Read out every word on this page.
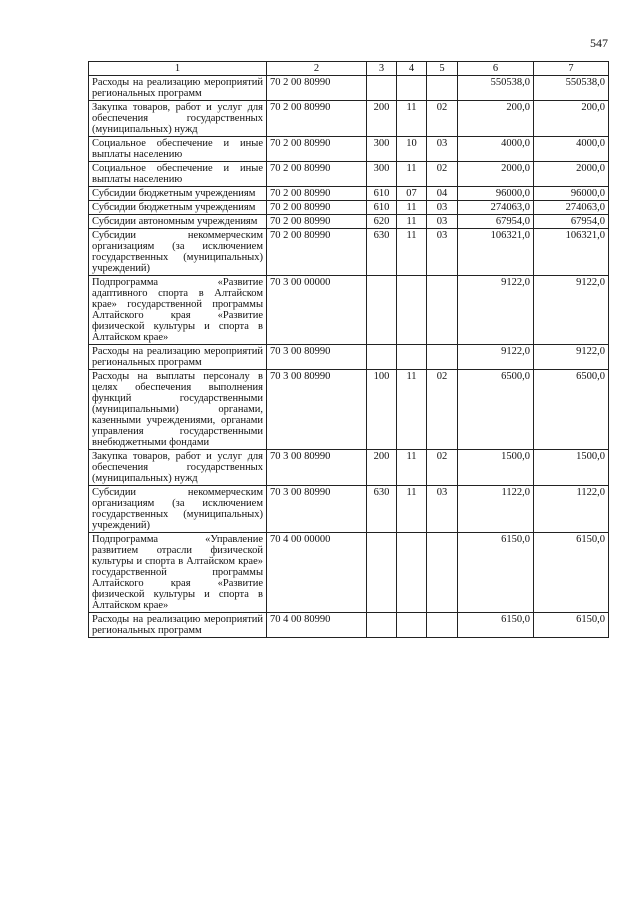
547
1	2	3	4	5	6	7
Расходы на реализацию мероприятий региональных программ	70 2 00 80990				550538,0	550538,0
Закупка товаров, работ и услуг для обеспечения государственных (муниципальных) нужд	70 2 00 80990	200	11	02	200,0	200,0
Социальное обеспечение и иные выплаты населению	70 2 00 80990	300	10	03	4000,0	4000,0
Социальное обеспечение и иные выплаты населению	70 2 00 80990	300	11	02	2000,0	2000,0
Субсидии бюджетным учреждениям	70 2 00 80990	610	07	04	96000,0	96000,0
Субсидии бюджетным учреждениям	70 2 00 80990	610	11	03	274063,0	274063,0
Субсидии автономным учреждениям	70 2 00 80990	620	11	03	67954,0	67954,0
Субсидии некоммерческим организациям (за исключением государственных (муниципальных) учреждений)	70 2 00 80990	630	11	03	106321,0	106321,0
Подпрограмма «Развитие адаптивного спорта в Алтайском крае» государственной программы Алтайского края «Развитие физической культуры и спорта в Алтайском крае»	70 3 00 00000				9122,0	9122,0
Расходы на реализацию мероприятий региональных программ	70 3 00 80990				9122,0	9122,0
Расходы на выплаты персоналу в целях обеспечения выполнения функций государственными (муниципальными) органами, казенными учреждениями, органами управления государственными внебюджетными фондами	70 3 00 80990	100	11	02	6500,0	6500,0
Закупка товаров, работ и услуг для обеспечения государственных (муниципальных) нужд	70 3 00 80990	200	11	02	1500,0	1500,0
Субсидии некоммерческим организациям (за исключением государственных (муниципальных) учреждений)	70 3 00 80990	630	11	03	1122,0	1122,0
Подпрограмма «Управление развитием отрасли физической культуры и спорта в Алтайском крае» государственной программы Алтайского края «Развитие физической культуры и спорта в Алтайском крае»	70 4 00 00000				6150,0	6150,0
Расходы на реализацию мероприятий региональных программ	70 4 00 80990				6150,0	6150,0
